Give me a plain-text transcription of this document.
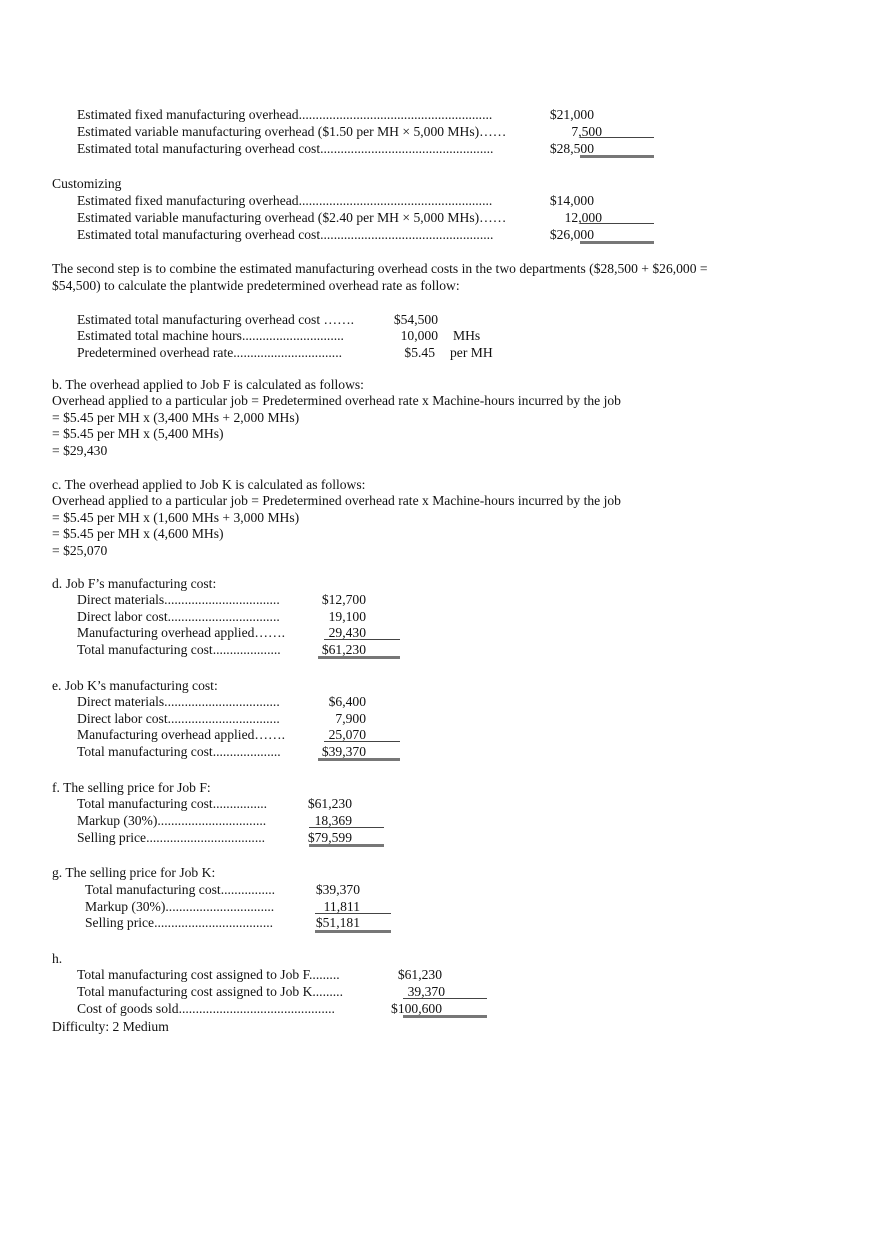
Estimated fixed manufacturing overhead.........................................................	$21,000
Estimated variable manufacturing overhead ($1.50 per MH × 5,000 MHs)……	7,500
Estimated total manufacturing overhead cost...................................................	$28,500
Customizing
Estimated fixed manufacturing overhead.........................................................	$14,000
Estimated variable manufacturing overhead ($2.40 per MH × 5,000 MHs)……	12,000
Estimated total manufacturing overhead cost...................................................	$26,000
The second step is to combine the estimated manufacturing overhead costs in the two departments ($28,500 + $26,000 =
$54,500) to calculate the plantwide predetermined overhead rate as follow:
Estimated total manufacturing overhead cost …….	$54,500
Estimated total machine hours..............................	10,000 MHs
Predetermined overhead rate................................	$5.45 per MH
b. The overhead applied to Job F is calculated as follows:
Overhead applied to a particular job = Predetermined overhead rate x Machine-hours incurred by the job
= $5.45 per MH x (3,400 MHs + 2,000 MHs)
= $5.45 per MH x (5,400 MHs)
= $29,430
c. The overhead applied to Job K is calculated as follows:
Overhead applied to a particular job = Predetermined overhead rate x Machine-hours incurred by the job
= $5.45 per MH x (1,600 MHs + 3,000 MHs)
= $5.45 per MH x (4,600 MHs)
= $25,070
d. Job F’s manufacturing cost:
Direct materials..................................	$12,700
Direct labor cost.................................	19,100
Manufacturing overhead applied…….	29,430
Total manufacturing cost....................	$61,230
e. Job K’s manufacturing cost:
Direct materials..................................	$6,400
Direct labor cost.................................	7,900
Manufacturing overhead applied…….	25,070
Total manufacturing cost....................	$39,370
f. The selling price for Job F:
Total manufacturing cost................	$61,230
Markup (30%)................................	18,369
Selling price...................................	$79,599
g. The selling price for Job K:
Total manufacturing cost................	$39,370
Markup (30%)................................	11,811
Selling price...................................	$51,181
h.
Total manufacturing cost assigned to Job F.........	$61,230
Total manufacturing cost assigned to Job K.........	39,370
Cost of goods sold..............................................	$100,600
Difficulty: 2 Medium
